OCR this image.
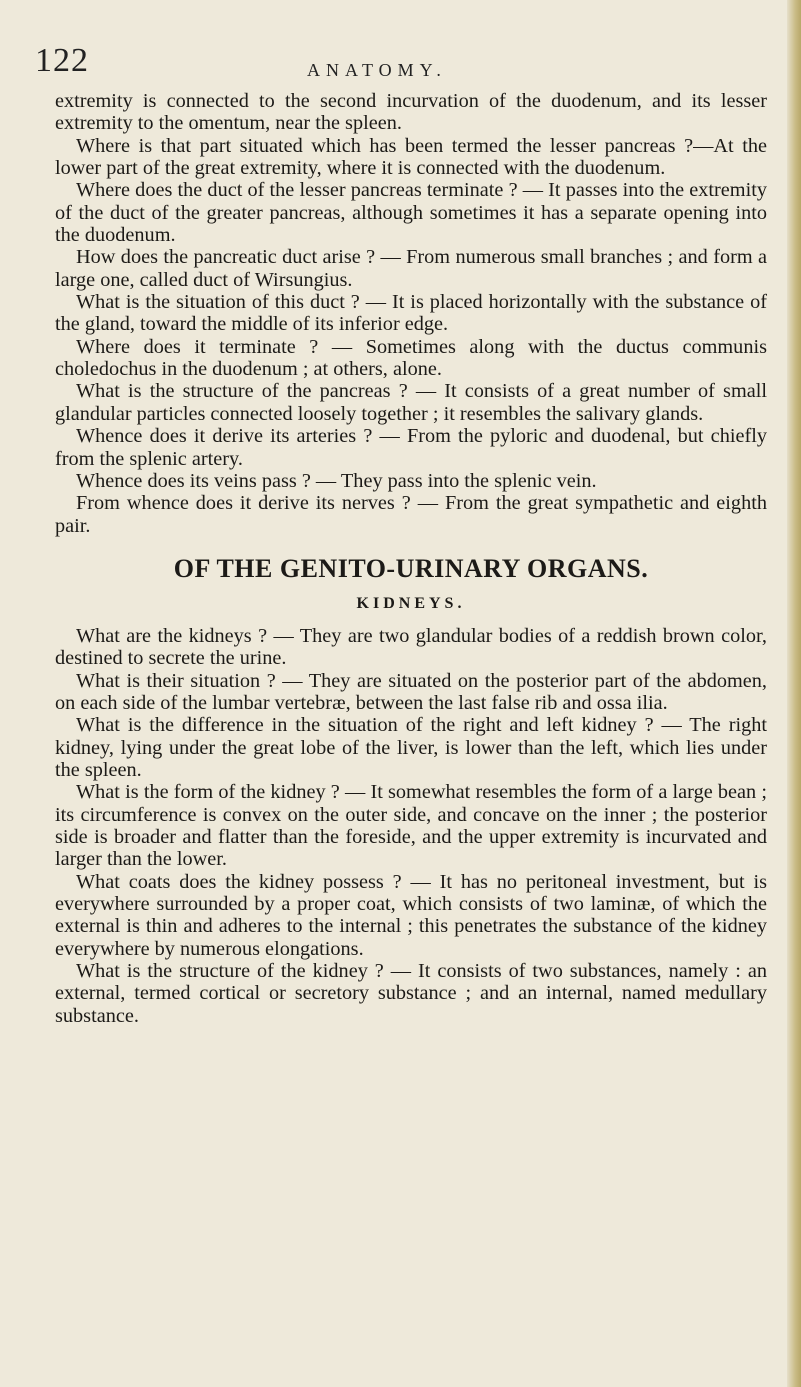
122	ANATOMY.

extremity is connected to the second incurvation of the duodenum, and its lesser extremity to the omentum, near the spleen.

Where is that part situated which has been termed the lesser pancreas ?—At the lower part of the great extremity, where it is connected with the duodenum.

Where does the duct of the lesser pancreas terminate ? — It passes into the extremity of the duct of the greater pancreas, although sometimes it has a separate opening into the duodenum.

How does the pancreatic duct arise ? — From numerous small branches ; and form a large one, called duct of Wirsungius.

What is the situation of this duct ? — It is placed horizontally with the substance of the gland, toward the middle of its inferior edge.

Where does it terminate ? — Sometimes along with the ductus communis choledochus in the duodenum ; at others, alone.

What is the structure of the pancreas ? — It consists of a great number of small glandular particles connected loosely together ; it resembles the salivary glands.

Whence does it derive its arteries ? — From the pyloric and duodenal, but chiefly from the splenic artery.

Whence does its veins pass ? — They pass into the splenic vein.

From whence does it derive its nerves ? — From the great sympathetic and eighth pair.

OF THE GENITO-URINARY ORGANS.
KIDNEYS.

What are the kidneys ? — They are two glandular bodies of a reddish brown color, destined to secrete the urine.

What is their situation ? — They are situated on the posterior part of the abdomen, on each side of the lumbar vertebræ, between the last false rib and ossa ilia.

What is the difference in the situation of the right and left kidney ? — The right kidney, lying under the great lobe of the liver, is lower than the left, which lies under the spleen.

What is the form of the kidney ? — It somewhat resembles the form of a large bean ; its circumference is convex on the outer side, and concave on the inner ; the posterior side is broader and flatter than the foreside, and the upper extremity is incurvated and larger than the lower.

What coats does the kidney possess ? — It has no peritoneal investment, but is everywhere surrounded by a proper coat, which consists of two laminæ, of which the external is thin and adheres to the internal ; this penetrates the substance of the kidney everywhere by numerous elongations.

What is the structure of the kidney ? — It consists of two substances, namely : an external, termed cortical or secretory substance ; and an internal, named medullary substance.
